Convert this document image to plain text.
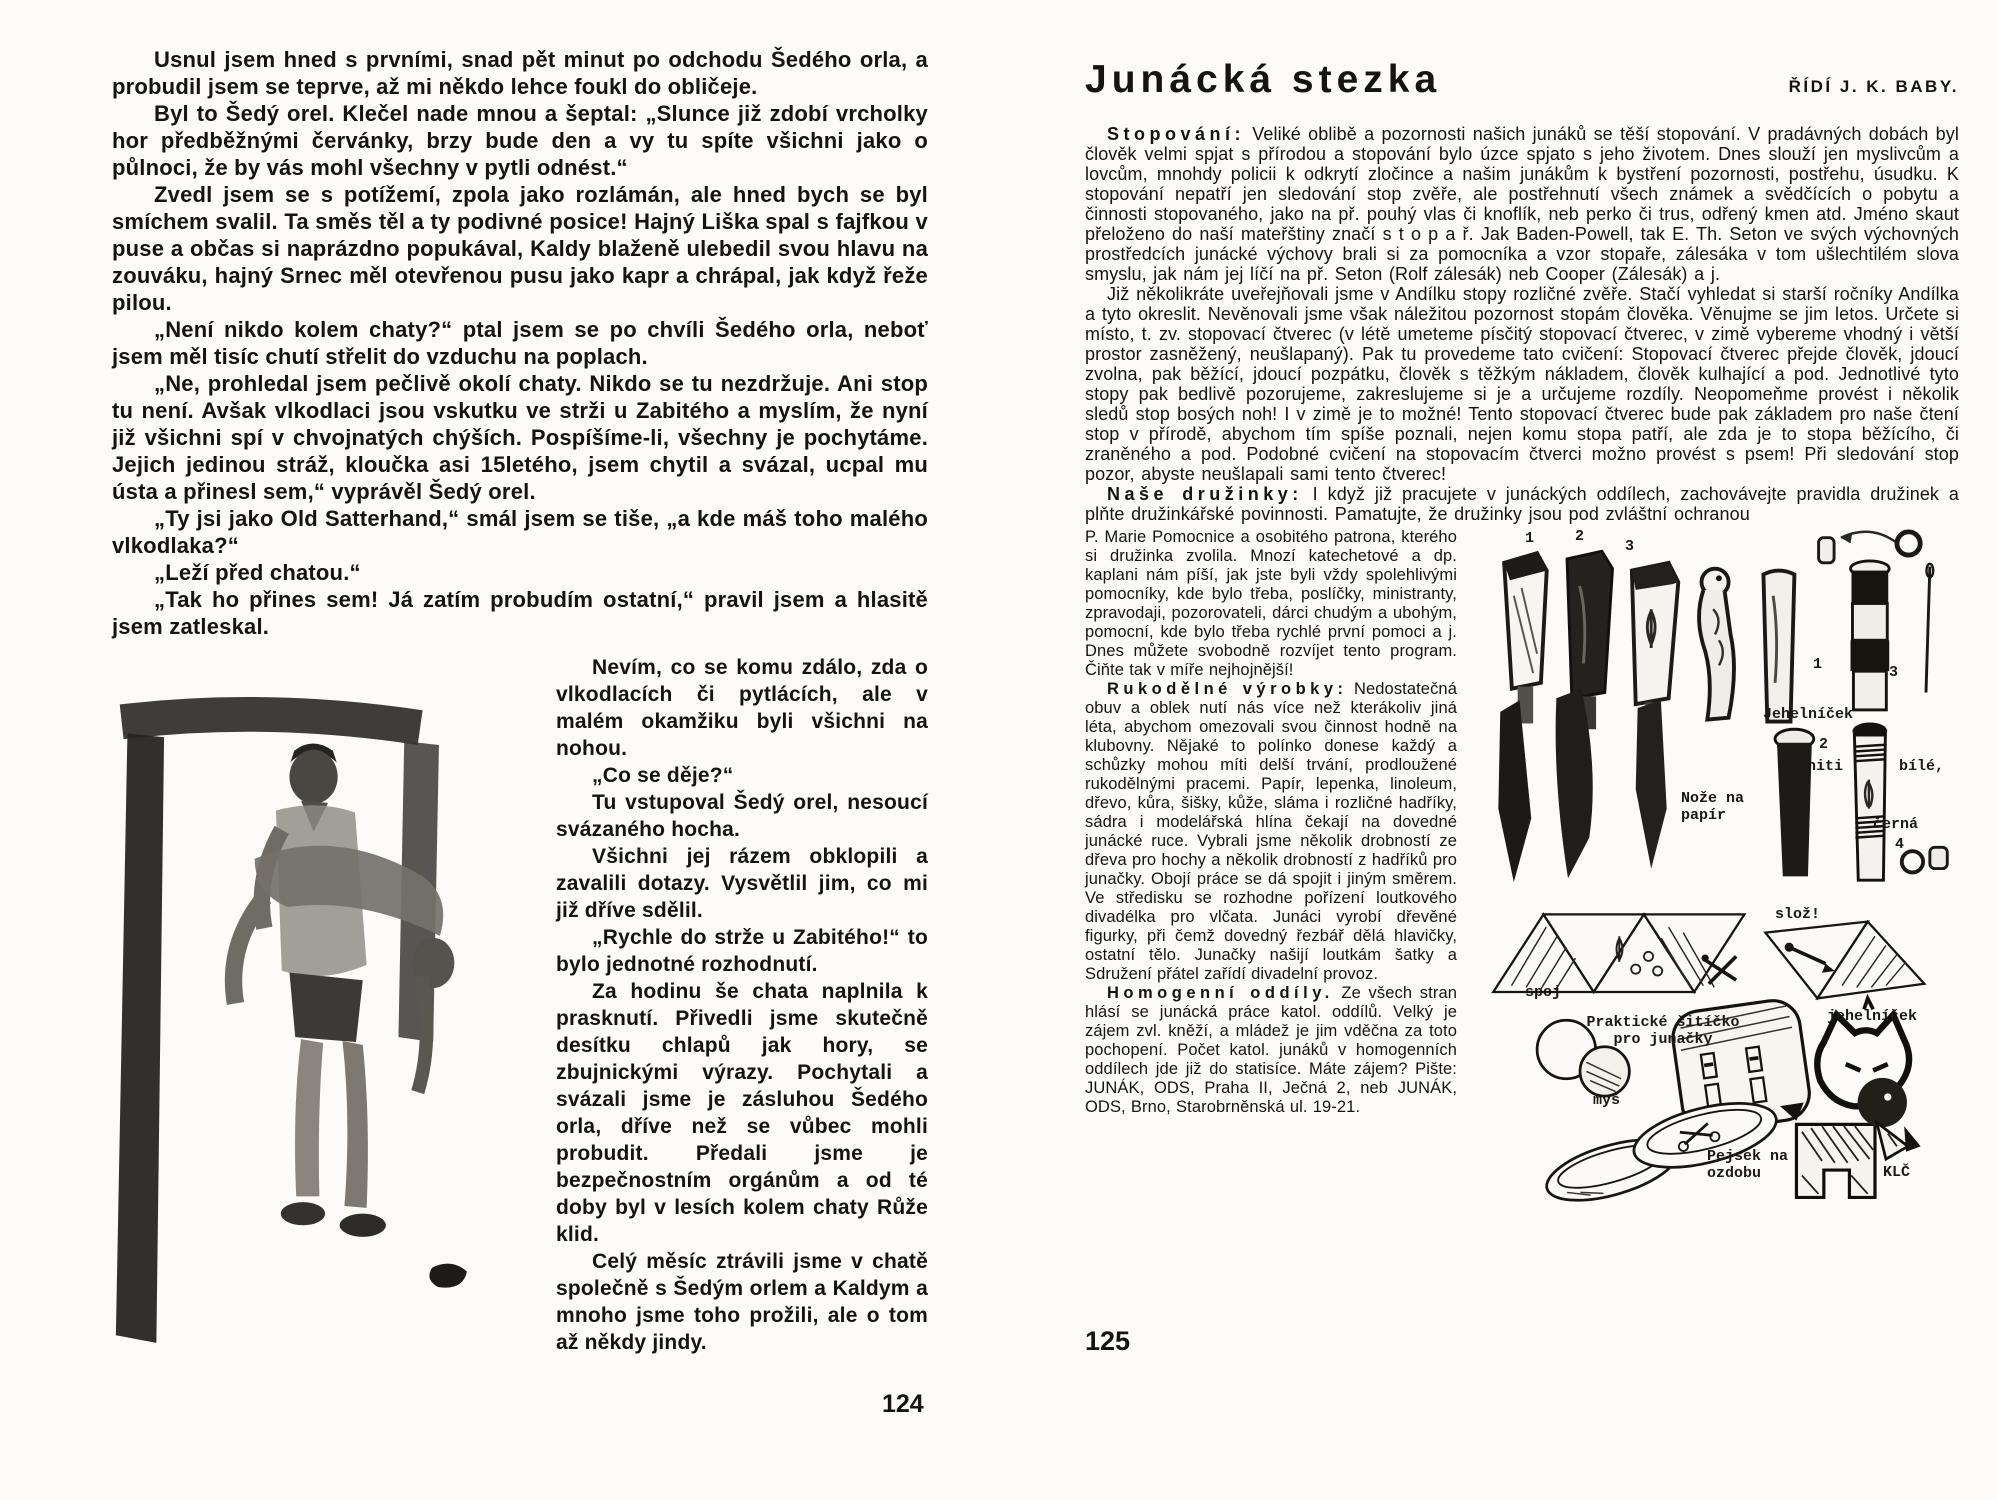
Usnul jsem hned s prvními, snad pět minut po odchodu Šedého orla, a probudil jsem se teprve, až mi někdo lehce foukl do obličeje.

Byl to Šedý orel. Klečel nade mnou a šeptal: „Slunce již zdobí vrcholky hor předběžnými červánky, brzy bude den a vy tu spíte všichni jako o půlnoci, že by vás mohl všechny v pytli odnést.“

Zvedl jsem se s potížemí, zpola jako rozlámán, ale hned bych se byl smíchem svalil. Ta směs těl a ty podivné posice! Hajný Liška spal s fajfkou v puse a občas si naprázdno popukával, Kaldy blaženě ulebedil svou hlavu na zouváku, hajný Srnec měl otevřenou pusu jako kapr a chrápal, jak když řeže pilou.

„Není nikdo kolem chaty?“ ptal jsem se po chvíli Šedého orla, neboť jsem měl tisíc chutí střelit do vzduchu na poplach.

„Ne, prohledal jsem pečlivě okolí chaty. Nikdo se tu nezdržuje. Ani stop tu není. Avšak vlkodlaci jsou vskutku ve strži u Zabitého a myslím, že nyní již všichni spí v chvojnatých chýších. Pospíšíme-li, všechny je pochytáme. Jejich jedinou stráž, kloučka asi 15letého, jsem chytil a svázal, ucpal mu ústa a přinesl sem,“ vyprávěl Šedý orel.

„Ty jsi jako Old Satterhand,“ smál jsem se tiše, „a kde máš toho malého vlkodlaka?“

„Leží před chatou.“

„Tak ho přines sem! Já zatím probudím ostatní,“ pravil jsem a hlasitě jsem zatleskal.

Nevím, co se komu zdálo, zda o vlkodlacích či pytlácích, ale v malém okamžiku byli všichni na nohou.

„Co se děje?“

Tu vstupoval Šedý orel, nesoucí svázaného hocha.

Všichni jej rázem obklopili a zavalili dotazy. Vysvětlil jim, co mi již dříve sdělil.

„Rychle do strže u Zabitého!“ to bylo jednotné rozhodnutí.

Za hodinu še chata naplnila k prasknutí. Přivedli jsme skutečně desítku chlapů jak hory, se zbujnickými výrazy. Pochytali a svázali jsme je zásluhou Šedého orla, dříve než se vůbec mohli probudit. Předali jsme je bezpečnostním orgánům a od té doby byl v lesích kolem chaty Růže klid.

Celý měsíc ztrávili jsme v chatě společně s Šedým orlem a Kaldym a mnoho jsme toho prožili, ale o tom až někdy jindy.

124
Junácká stezka	ŘÍDÍ J. K. BABY.

Stopování: Veliké oblibě a pozornosti našich junáků se těší stopování. V pradávných dobách byl člověk velmi spjat s přírodou a stopování bylo úzce spjato s jeho životem. Dnes slouží jen myslivcům a lovcům, mnohdy policii k odkrytí zločince a našim junákům k bystření pozornosti, postřehu, úsudku. K stopování nepatří jen sledování stop zvěře, ale postřehnutí všech známek a svědčících o pobytu a činnosti stopovaného, jako na př. pouhý vlas či knoflík, neb perko či trus, odřený kmen atd. Jméno skaut přeloženo do naší mateřštiny značí s t o p a ř. Jak Baden-Powell, tak E. Th. Seton ve svých výchovných prostředcích junácké výchovy brali si za pomocníka a vzor stopaře, zálesáka v tom ušlechtilém slova smyslu, jak nám jej líčí na př. Seton (Rolf zálesák) neb Cooper (Zálesák) a j.

Již několikráte uveřejňovali jsme v Andílku stopy rozličné zvěře. Stačí vyhledat si starší ročníky Andílka a tyto okreslit. Nevěnovali jsme však náležitou pozornost stopám člověka. Věnujme se jim letos. Určete si místo, t. zv. stopovací čtverec (v létě umeteme písčitý stopovací čtverec, v zimě vybereme vhodný i větší prostor zasněžený, neušlapaný). Pak tu provedeme tato cvičení: Stopovací čtverec přejde člověk, jdoucí zvolna, pak běžící, jdoucí pozpátku, člověk s těžkým nákladem, člověk kulhající a pod. Jednotlivé tyto stopy pak bedlivě pozorujeme, zakreslujeme si je a určujeme rozdíly. Neopomeňme provést i několik sledů stop bosých noh! I v zimě je to možné! Tento stopovací čtverec bude pak základem pro naše čtení stop v přírodě, abychom tím spíše poznali, nejen komu stopa patří, ale zda je to stopa běžícího, či zraněného a pod. Podobné cvičení na stopovacím čtverci možno provést s psem! Při sledování stop pozor, abyste neušlapali sami tento čtverec!

Naše družinky: I když již pracujete v junáckých oddílech, zachovávejte pravidla družinek a plňte družinkářské povinnosti. Pamatujte, že družinky jsou pod zvláštní ochranou

P. Marie Pomocnice a osobitého patrona, kterého si družinka zvolila. Mnozí katechetové a dp. kaplani nám píší, jak jste byli vždy spolehlivými pomocníky, kde bylo třeba, poslíčky, ministranty, zpravodaji, pozorovateli, dárci chudým a ubohým, pomocní, kde bylo třeba rychlé první pomoci a j. Dnes můžete svobodně rozvíjet tento program. Čiňte tak v míře nejhojnější!

Rukodělné výrobky: Nedostatečná obuv a oblek nutí nás více než kterákoliv jiná léta, abychom omezovali svou činnost hodně na klubovny. Nějaké to polínko donese každý a schůzky mohou míti delší trvání, prodloužené rukodělnými pracemi. Papír, lepenka, linoleum, dřevo, kůra, šišky, kůže, sláma i rozličné hadříky, sádra i modelářská hlína čekají na dovedné junácké ruce. Vybrali jsme několik drobností ze dřeva pro hochy a několik drobností z hadříků pro junačky. Obojí práce se dá spojit i jiným směrem. Ve středisku se rozhodne pořízení loutkového divadélka pro vlčata. Junáci vyrobí dřevěné figurky, při čemž dovedný řezbář dělá hlavičky, ostatní tělo. Junačky našijí loutkám šatky a Sdružení přátel zařídí divadelní provoz.

Homogenní oddíly. Ze všech stran hlásí se junácká práce katol. oddílů. Velký je zájem zvl. kněží, a mládež je jim vděčna za toto pochopení. Počet katol. junáků v homogenních oddílech jde již do statisíce. Máte zájem? Pište: JUNÁK, ODS, Praha II, Ječná 2, neb JUNÁK, ODS, Brno, Starobrněnská ul. 19-21.

1	2
3
1	3
Jehelníček
2
niti	bílé,
černá
4
Nože na papír
spoj
slož!
Praktické šitíčko pro junačky
myš
jehelníček
Pejsek na ozdobu	KLČ
125
